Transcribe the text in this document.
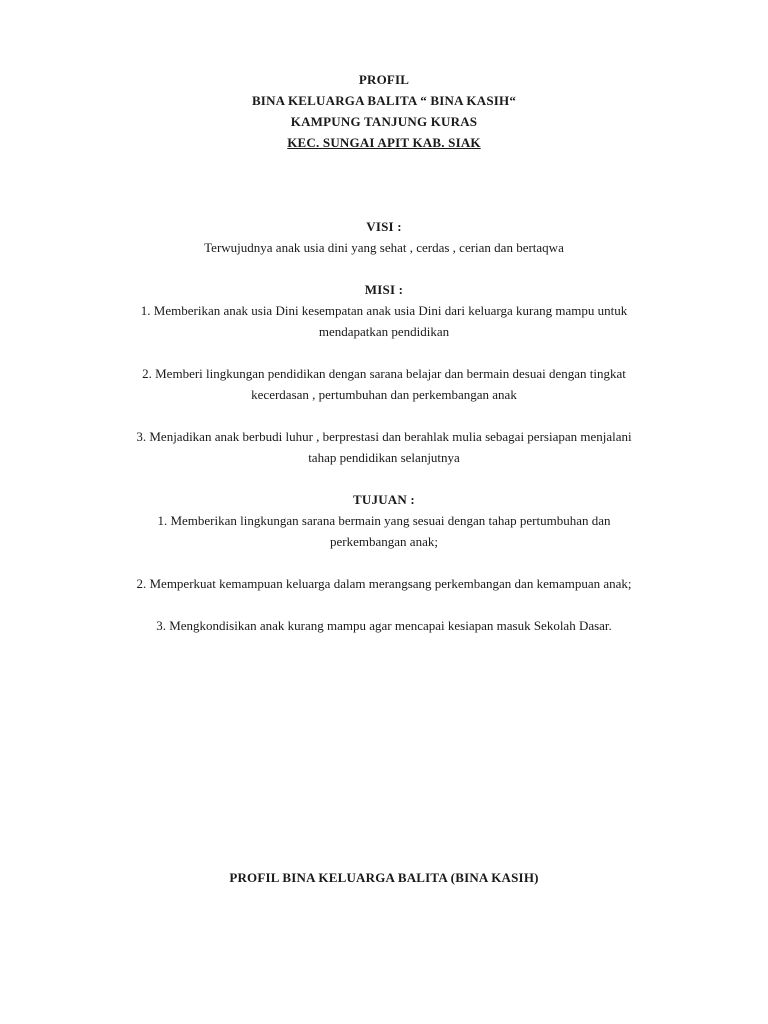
PROFIL
BINA KELUARGA BALITA “ BINA KASIH“
KAMPUNG TANJUNG KURAS
KEC. SUNGAI APIT KAB. SIAK
VISI :
Terwujudnya anak usia dini yang sehat , cerdas , cerian dan bertaqwa
MISI :
1. Memberikan anak usia Dini kesempatan anak usia Dini dari keluarga kurang mampu untuk
mendapatkan pendidikan
2. Memberi lingkungan pendidikan dengan sarana belajar dan bermain desuai dengan tingkat
kecerdasan , pertumbuhan dan perkembangan anak
3. Menjadikan anak berbudi luhur , berprestasi dan berahlak mulia sebagai persiapan menjalani
tahap pendidikan selanjutnya
TUJUAN :
1. Memberikan lingkungan sarana bermain yang sesuai dengan tahap pertumbuhan dan
perkembangan anak;
2. Memperkuat kemampuan keluarga dalam merangsang perkembangan dan kemampuan anak;
3. Mengkondisikan anak kurang mampu agar mencapai kesiapan masuk Sekolah Dasar.
PROFIL BINA KELUARGA BALITA (BINA KASIH)
